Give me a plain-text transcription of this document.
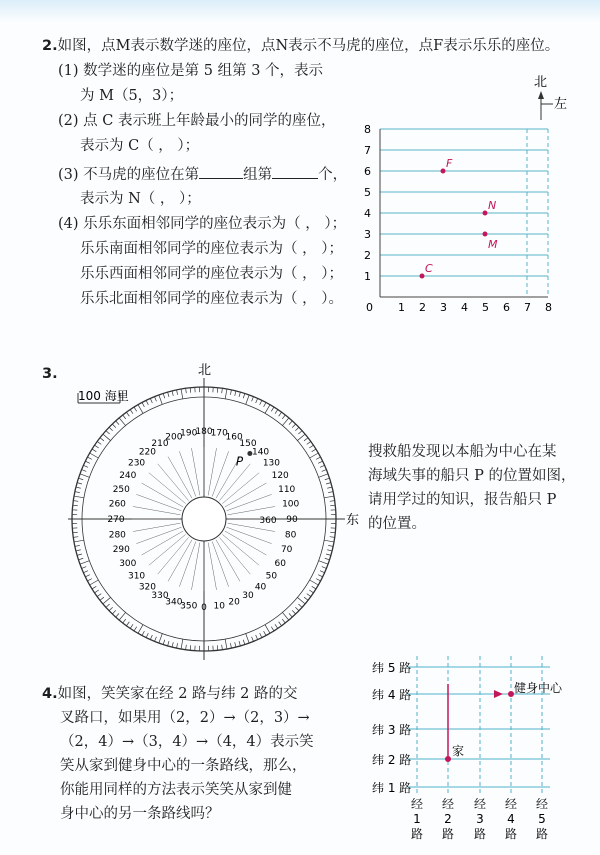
2.如图，点M表示数学迷的座位，点N表示不马虎的座位，点F表示乐乐的座位。
(1) 数学迷的座位是第 5 组第 3 个，表示
为 M（5，3）；
(2) 点 C 表示班上年龄最小的同学的座位，
表示为 C（ ， ）；
(3) 不马虎的座位在第	组第	个，
表示为 N（ ， ）；
(4) 乐乐东面相邻同学的座位表示为（ ， ）；
乐乐南面相邻同学的座位表示为（ ， ）；
乐乐西面相邻同学的座位表示为（ ， ）；
乐乐北面相邻同学的座位表示为（ ， ）。
0 1 2 3 4 5 6 7 8
1
2
3
4
5
6
7
8
北
左
F
N
M
C
3.
100 海里
北
东
0 10 20
30
40
50
60
70
80
90
100
110
120
130
140
150
160
170
180
190
200
210
220
230
240
250
260
270
280
290
300
310
320
330
340
350
360
P
搜救船发现以本船为中心在某
海域失事的船只 P 的位置如图，
请用学过的知识，报告船只 P
的位置。
4.如图，笑笑家在经 2 路与纬 2 路的交
叉路口，如果用（2，2）→（2，3）→
（2，4）→（3，4）→（4，4）表示笑
笑从家到健身中心的一条路线，那么，
你能用同样的方法表示笑笑从家到健
身中心的另一条路线吗？
纬 5 路
纬 4 路
纬 3 路
纬 2 路
纬 1 路
经
1
路
经
2
路
经
3
路
经
4
路
经
5
路
家
健身中心
